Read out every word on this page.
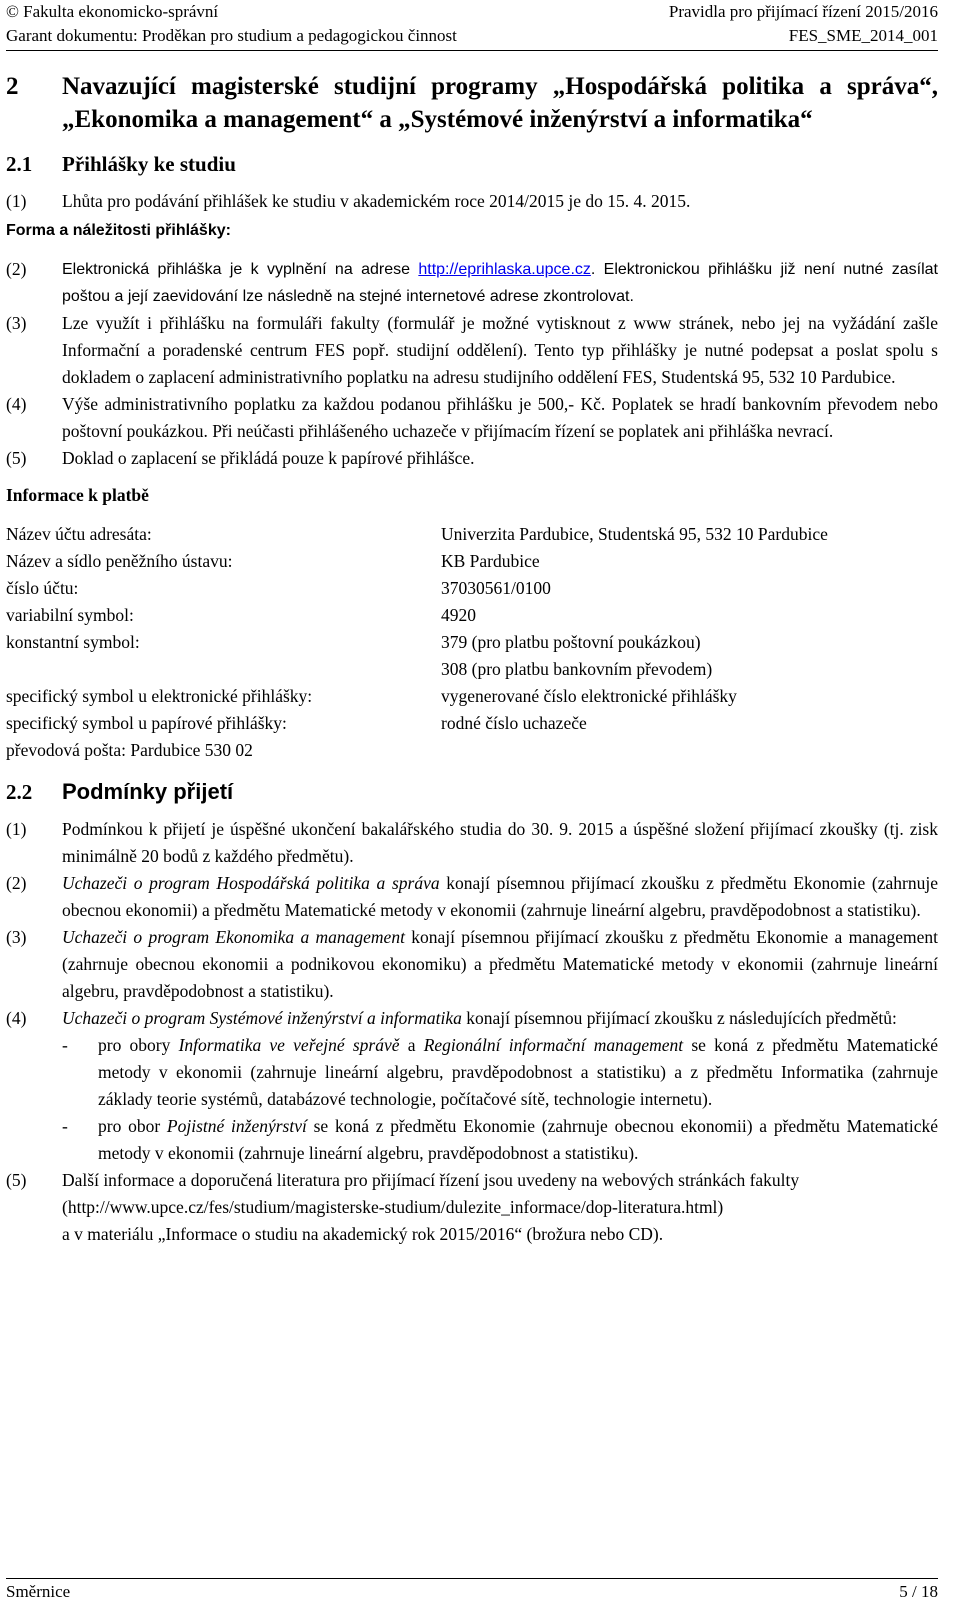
© Fakulta ekonomicko-správní	Pravidla pro přijímací řízení 2015/2016
Garant dokumentu: Proděkan pro studium a pedagogickou činnost	FES_SME_2014_001
2	Navazující magisterské studijní programy „Hospodářská politika a správa“, „Ekonomika a management“ a „Systémové inženýrství a informatika“
2.1	Přihlášky ke studiu
(1)	Lhůta pro podávání přihlášek ke studiu v akademickém roce 2014/2015 je do 15. 4. 2015.
Forma a náležitosti přihlášky:
(2)	Elektronická přihláška je k vyplnění na adrese http://eprihlaska.upce.cz. Elektronickou přihlášku již není nutné zasílat poštou a její zaevidování lze následně na stejné internetové adrese zkontrolovat.
(3)	Lze využít i přihlášku na formuláři fakulty (formulář je možné vytisknout z www stránek, nebo jej na vyžádání zašle Informační a poradenské centrum FES popř. studijní oddělení). Tento typ přihlášky je nutné podepsat a poslat spolu s dokladem o zaplacení administrativního poplatku na adresu studijního oddělení FES, Studentská 95, 532 10 Pardubice.
(4)	Výše administrativního poplatku za každou podanou přihlášku je 500,- Kč. Poplatek se hradí bankovním převodem nebo poštovní poukázkou. Při neúčasti přihlášeného uchazeče v přijímacím řízení se poplatek ani přihláška nevrací.
(5)	Doklad o zaplacení se přikládá pouze k papírové přihlášce.
Informace k platbě
Název účtu adresáta:	Univerzita Pardubice, Studentská 95, 532 10 Pardubice
Název a sídlo peněžního ústavu:	KB Pardubice
číslo účtu:	37030561/0100
variabilní symbol:	4920
konstantní symbol:	379 (pro platbu poštovní poukázkou)
	308 (pro platbu bankovním převodem)
specifický symbol u elektronické přihlášky:	vygenerované číslo elektronické přihlášky
specifický symbol u papírové přihlášky:	rodné číslo uchazeče
převodová pošta: Pardubice 530 02
2.2	Podmínky přijetí
(1)	Podmínkou k přijetí je úspěšné ukončení bakalářského studia do 30. 9. 2015 a úspěšné složení přijímací zkoušky (tj. zisk minimálně 20 bodů z každého předmětu).
(2)	Uchazeči o program Hospodářská politika a správa konají písemnou přijímací zkoušku z předmětu Ekonomie (zahrnuje obecnou ekonomii) a předmětu Matematické metody v ekonomii (zahrnuje lineární algebru, pravděpodobnost a statistiku).
(3)	Uchazeči o program Ekonomika a management konají písemnou přijímací zkoušku z předmětu Ekonomie a management (zahrnuje obecnou ekonomii a podnikovou ekonomiku) a předmětu Matematické metody v ekonomii (zahrnuje lineární algebru, pravděpodobnost a statistiku).
(4)	Uchazeči o program Systémové inženýrství a informatika konají písemnou přijímací zkoušku z následujících předmětů:
-	pro obory Informatika ve veřejné správě a Regionální informační management se koná z předmětu Matematické metody v ekonomii (zahrnuje lineární algebru, pravděpodobnost a statistiku) a z předmětu Informatika (zahrnuje základy teorie systémů, databázové technologie, počítačové sítě, technologie internetu).
-	pro obor Pojistné inženýrství se koná z předmětu Ekonomie (zahrnuje obecnou ekonomii) a předmětu Matematické metody v ekonomii (zahrnuje lineární algebru, pravděpodobnost a statistiku).
(5)	Další informace a doporučená literatura pro přijímací řízení jsou uvedeny na webových stránkách fakulty
(http://www.upce.cz/fes/studium/magisterske-studium/dulezite_informace/dop-literatura.html)
a v materiálu „Informace o studiu na akademický rok 2015/2016“ (brožura nebo CD).
Směrnice	5 / 18
